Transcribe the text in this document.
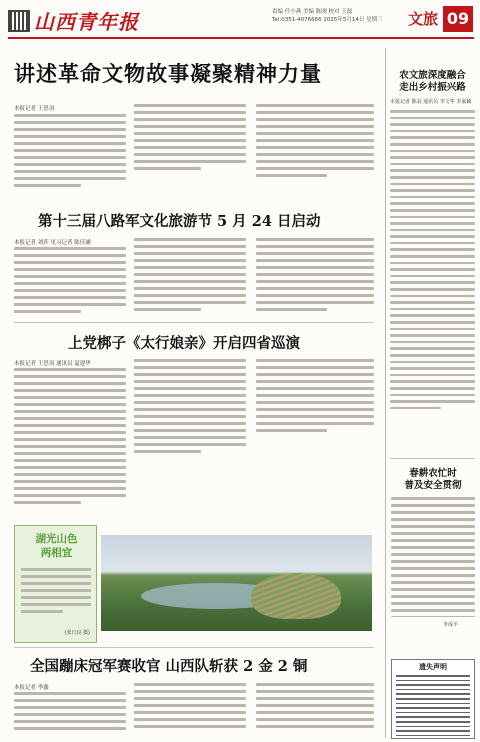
山西青年报	责编 任小燕 美编 陈刚 校对 王磊
Tel:0351-4076666 2025年5月14日 星期三	文旅 09
讲述革命文物故事凝聚精神力量
本报记者 王思羽
第十三届八路军文化旅游节 5 月 24 日启动
本报记者 刘莎 见习记者 陈佳涵
上党梆子《太行娘亲》开启四省巡演
本报记者 王思羽 通讯员 夏建华
湖光山色
两相宜
(张日良 摄)
全国蹦床冠军赛收官 山西队斩获 2 金 2 铜
本报记者 李鑫
农文旅深度融合
走出乡村振兴路
本报记者 陈羽 通讯员 李文华 李家颖
春耕农忙时
普及安全贯彻
李成平
遗失声明
